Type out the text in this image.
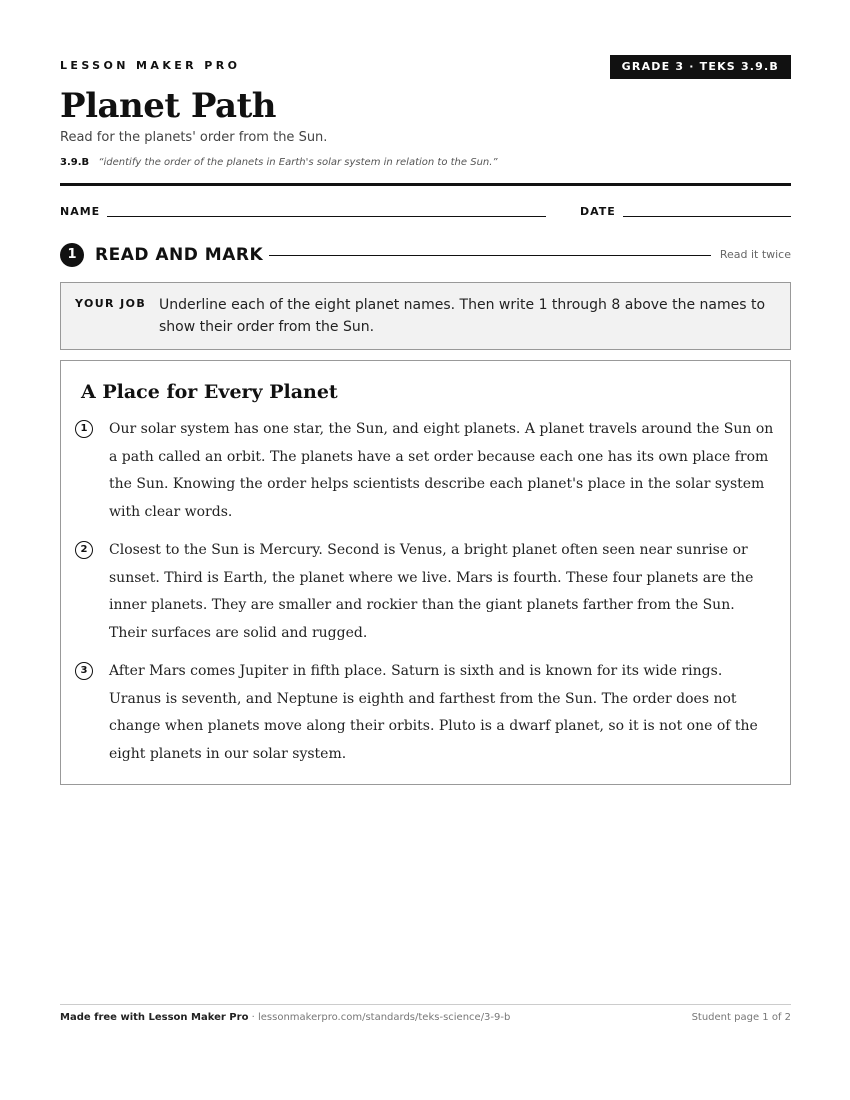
LESSON MAKER PRO	GRADE 3 · TEKS 3.9.B
Planet Path
Read for the planets' order from the Sun.
3.9.B “identify the order of the planets in Earth's solar system in relation to the Sun.”
NAME	DATE
1	READ AND MARK	Read it twice
YOUR JOB Underline each of the eight planet names. Then write 1 through 8 above the names to show their order from the Sun.
A Place for Every Planet
1	Our solar system has one star, the Sun, and eight planets. A planet travels around the Sun on a path called an orbit. The planets have a set order because each one has its own place from the Sun. Knowing the order helps scientists describe each planet's place in the solar system with clear words.

2	Closest to the Sun is Mercury. Second is Venus, a bright planet often seen near sunrise or sunset. Third is Earth, the planet where we live. Mars is fourth. These four planets are the inner planets. They are smaller and rockier than the giant planets farther from the Sun. Their surfaces are solid and rugged.

3	After Mars comes Jupiter in fifth place. Saturn is sixth and is known for its wide rings. Uranus is seventh, and Neptune is eighth and farthest from the Sun. The order does not change when planets move along their orbits. Pluto is a dwarf planet, so it is not one of the eight planets in our solar system.

Made free with Lesson Maker Pro · lessonmakerpro.com/standards/teks-science/3-9-b	Student page 1 of 2
